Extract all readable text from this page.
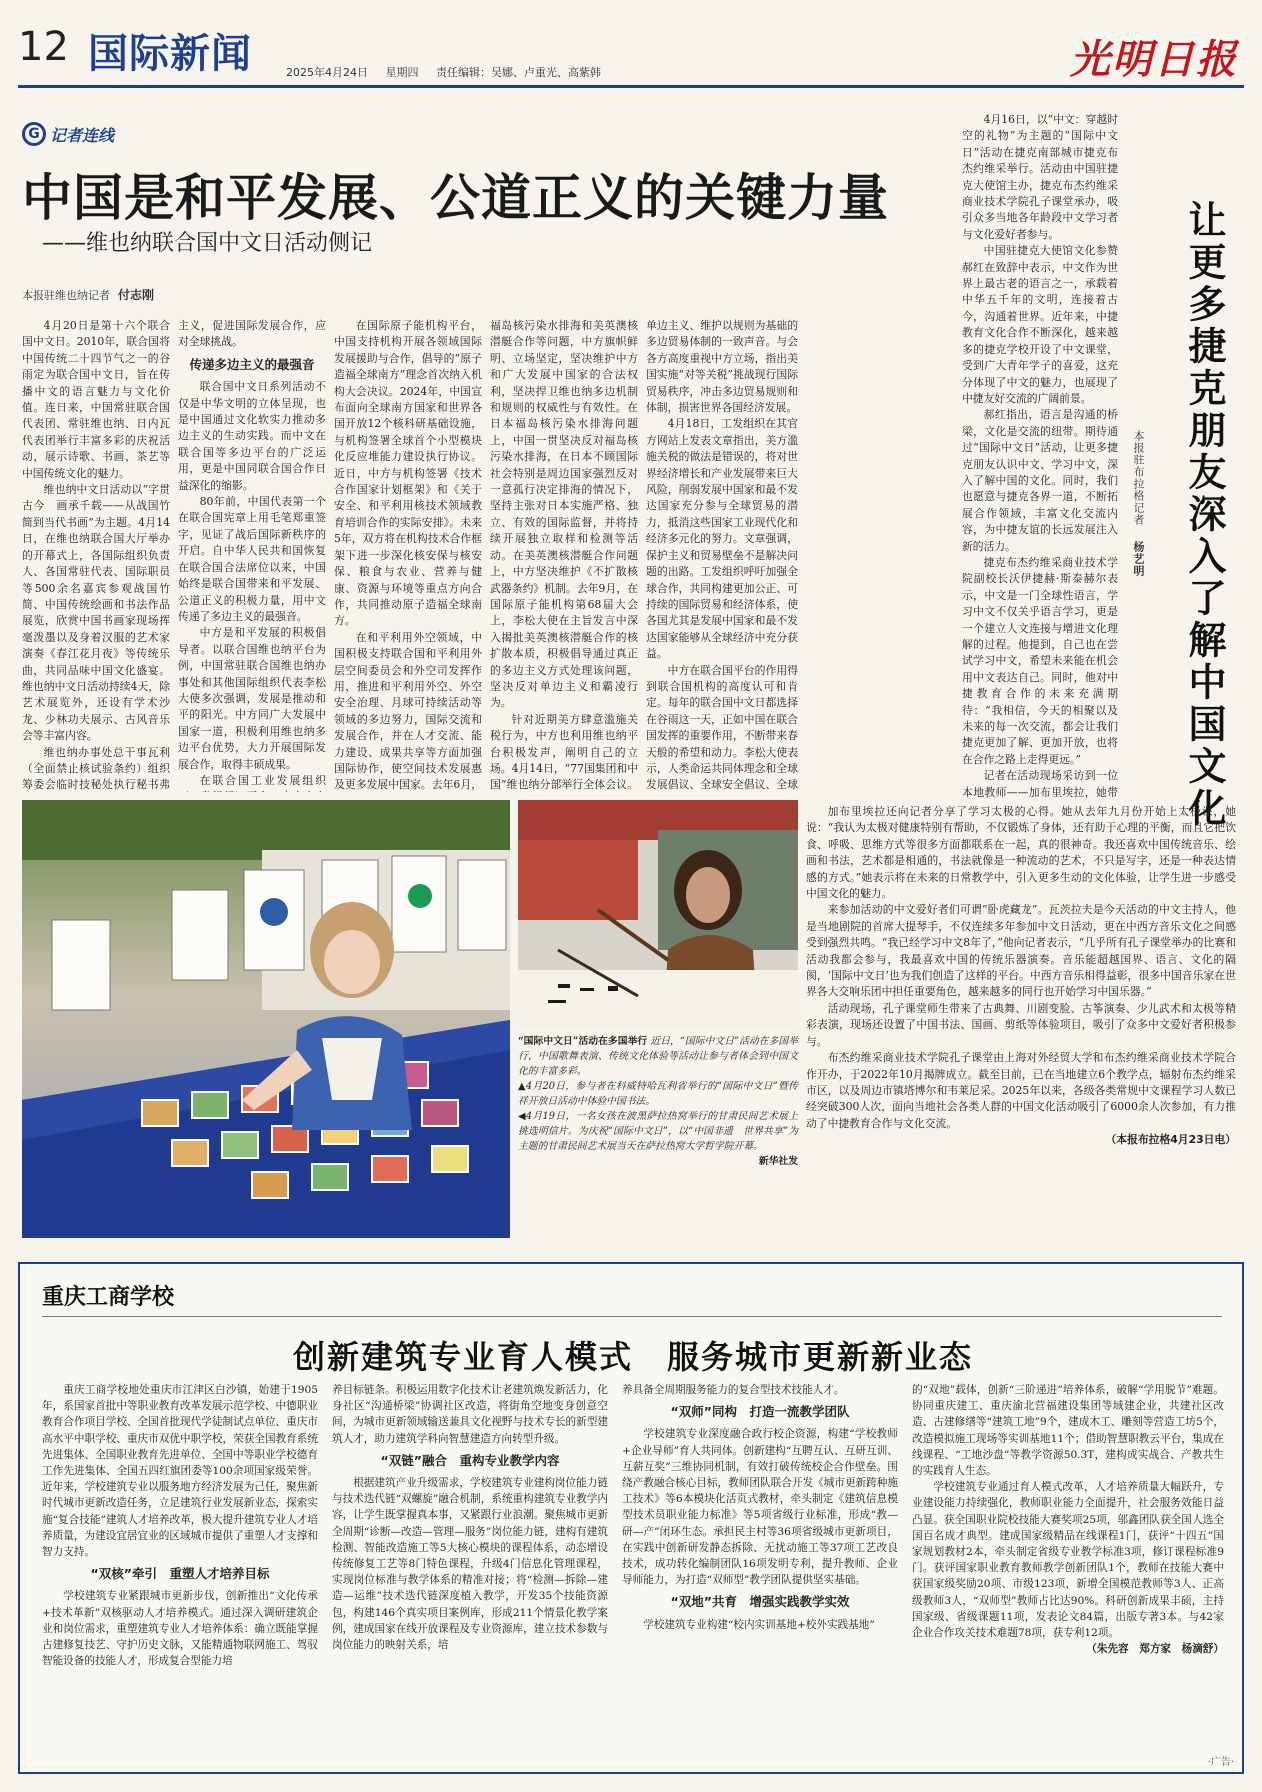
12 国际新闻	2025年4月24日 星期四 责任编辑：吴娜、卢重光、高紫韩	光明日报
G 记者连线
中国是和平发展、公道正义的关键力量
——维也纳联合国中文日活动侧记
本报驻维也纳记者 付志刚

4月20日是第十六个联合国中文日。2010年，联合国将中国传统二十四节气之一的谷雨定为联合国中文日，旨在传播中文的语言魅力与文化价值。连日来，中国常驻联合国代表团、常驻维也纳、日内瓦代表团举行丰富多彩的庆祝活动，展示诗歌、书画、茶艺等中国传统文化的魅力。

维也纳中文日活动以“字贯古今　画承千载——从战国竹简到当代书画”为主题。4月14日，在维也纳联合国大厅举办的开幕式上，各国际组织负责人、各国常驻代表、国际职员等500余名嘉宾参观战国竹简、中国传统绘画和书法作品展览，欣赏中国书画家现场挥毫泼墨以及身着汉服的艺术家演奏《春江花月夜》等传统乐曲，共同品味中国文化盛宴。维也纳中文日活动持续4天，除艺术展览外，还设有学术沙龙、少林功夫展示、古风音乐会等丰富内容。

维也纳办事处总干事瓦利（全面禁止核试验条约）组织筹委会临时技秘处执行秘书弗

主义，促进国际发展合作，应对全球挑战。

传递多边主义的最强音

联合国中文日系列活动不仅是中华文明的立体呈现，也是中国通过文化软实力推动多边主义的生动实践。而中文在联合国等多边平台的广泛运用，更是中国同联合国合作日益深化的缩影。

80年前，中国代表第一个在联合国宪章上用毛笔郑重签字，见证了战后国际新秩序的开启。自中华人民共和国恢复在联合国合法席位以来，中国始终是联合国带来和平发展、公道正义的积极力量，用中文传递了多边主义的最强音。

中方是和平发展的积极倡导者。以联合国维也纳平台为例，中国常驻联合国维也纳办事处和其他国际组织代表李松大使多次强调，发展是推动和平的阳光。中方同广大发展中国家一道，积极利用维也纳多边平台优势，大力开展国际发展合作，取得丰硕成果。

在联合国工业发展组织

在国际原子能机构平台，中国支持机构开展各领域国际发展援助与合作，倡导的“原子造福全球南方”理念首次纳入机构大会决议。2024年，中国宣布面向全球南方国家和世界各国开放12个核科研基础设施，与机构签署全球首个小型模块化反应堆能力建设执行协议。近日，中方与机构签署《技术合作国家计划框架》和《关于安全、和平利用核技术领域教育培训合作的实际安排》。未来5年，双方将在机构技术合作框架下进一步深化核安保与核安保、粮食与农业、营养与健康、资源与环境等重点方向合作，共同推动原子造福全球南方。

在和平利用外空领域，中国积极支持联合国和平利用外层空间委员会和外空司发挥作用，推进和平利用外空、外空安全治理、月球可持续活动等领域的多边努力，国际交流和发展合作，并在人才交流、能力建设、成果共享等方面加强国际协作，使空间技术发展惠及更多发展中国家。去年6月，

福岛核污染水排海和美英澳核潜艇合作等问题，中方旗帜鲜明、立场坚定，坚决维护中方和广大发展中国家的合法权利，坚决捍卫维也纳多边机制和规则的权威性与有效性。在日本福岛核污染水排海问题上，中国一贯坚决反对福岛核污染水排海，在日本不顾国际社会特别是周边国家强烈反对一意孤行决定排海的情况下，坚持主张对日本实施严格、独立、有效的国际监督，并将持续开展独立取样和检测等活动。在美英澳核潜艇合作问题上，中方坚决维护《不扩散核武器条约》机制。去年9月，在国际原子能机构第68届大会上，李松大使在主旨发言中深入揭批美英澳核潜艇合作的核扩散本质，积极倡导通过真正的多边主义方式处理该问题，坚决反对单边主义和霸凌行为。

针对近期美方肆意滥施关税行为，中方也利用维也纳平台积极发声，阐明自己的立场。4月14日，“77国集团和中国”维也纳分部举行全体会议。

单边主义、维护以规则为基础的多边贸易体制的一致声音。与会各方高度重视中方立场，指出美国实施“对等关税”挑战现行国际贸易秩序，冲击多边贸易规则和体制，损害世界各国经济发展。

4月18日，工发组织在其官方网站上发表文章指出，美方滥施关税的做法是错误的，将对世界经济增长和产业发展带来巨大风险，削弱发展中国家和最不发达国家充分参与全球贸易的潜力，抵消这些国家工业现代化和经济多元化的努力。文章强调，保护主义和贸易壁垒不是解决问题的出路。工发组织呼吁加强全球合作，共同构建更加公正、可持续的国际贸易和经济体系，使各国尤其是发展中国家和最不发达国家能够从全球经济中充分获益。

中方在联合国平台的作用得到联合国机构的高度认可和肯定。每年的联合国中文日都选择在谷雨这一天，正如中国在联合国发挥的重要作用，不断带来春天般的希望和动力。李松大使表示，人类命运共同体理念和全球发展倡议、全球安全倡议、全球	让更多捷克朋友深入了解中国文化
本报驻布拉格记者 杨艺明

4月16日，以“中文：穿越时空的礼物”为主题的“国际中文日”活动在捷克南部城市捷克布杰约维采举行。活动由中国驻捷克大使馆主办，捷克布杰约维采商业技术学院孔子课堂承办，吸引众多当地各年龄段中文学习者与文化爱好者参与。

中国驻捷克大使馆文化参赞郝红在致辞中表示，中文作为世界上最古老的语言之一，承载着中华五千年的文明，连接着古今，沟通着世界。近年来，中捷教育文化合作不断深化，越来越多的捷克学校开设了中文课堂，受到广大青年学子的喜爱，这充分体现了中文的魅力，也展现了中捷友好交流的广阔前景。

郝红指出，语言是沟通的桥梁，文化是交流的纽带。期待通过“国际中文日”活动，让更多捷克朋友认识中文、学习中文，深入了解中国的文化。同时，我们也愿意与捷克各界一道，不断拓展合作领域，丰富文化交流内容，为中捷友谊的长远发展注入新的活力。

捷克布杰约维采商业技术学院副校长沃伊捷赫·斯泰赫尔表示，中文是一门全球性语言，学习中文不仅关乎语言学习，更是一个建立人文连接与增进文化理解的过程。他提到，自己也在尝试学习中文，希望未来能在机会用中文表达自己。同时，他对中捷教育合作的未来充满期待：“我相信，今天的相聚以及未来的每一次交流，都会让我们捷克更加了解、更加开放，也将在合作之路上走得更远。”

记者在活动现场采访到一位本地教师——加布里埃拉，她带

加布里埃拉还向记者分享了学习太极的心得。她从去年九月份开始上太极课，她说：“我认为太极对健康特别有帮助，不仅锻炼了身体，还有助于心理的平衡，而且它把饮食、呼吸、思维方式等很多方面都联系在一起，真的很神奇。我还喜欢中国传统音乐、绘画和书法，艺术都是相通的，书法就像是一种流动的艺术，不只是写字，还是一种表达情感的方式。”她表示将在未来的日常教学中，引入更多生动的文化体验，让学生进一步感受中国文化的魅力。

来参加活动的中文爱好者们可谓“卧虎藏龙”。瓦茨拉夫是今天活动的中文主持人，他是当地剧院的首席大提琴手，不仅连续多年参加中文日活动，更在中西方音乐文化之间感受到强烈共鸣。“我已经学习中文8年了，”他向记者表示，“几乎所有孔子课堂举办的比赛和活动我都会参与，我最喜欢中国的传统乐器演奏。音乐能超越国界、语言、文化的隔阂，‘国际中文日’也为我们创造了这样的平台。中西方音乐相得益彰，很多中国音乐家在世界各大交响乐团中担任重要角色，越来越多的同行也开始学习中国乐器。”

活动现场，孔子课堂师生带来了古典舞、川剧变脸、古筝演奏、少儿武术和太极等精彩表演，现场还设置了中国书法、国画、剪纸等体验项目，吸引了众多中文爱好者积极参与。

布杰约维采商业技术学院孔子课堂由上海对外经贸大学和布杰约维采商业技术学院合作开办，于2022年10月揭牌成立。截至目前，已在当地建立6个教学点，辐射布杰约维采市区，以及周边市镇塔博尔和韦莱尼采。2025年以来，各级各类常规中文课程学习人数已经突破300人次，面向当地社会各类人群的中国文化活动吸引了6000余人次参加，有力推动了中捷教育合作与文化交流。

（本报布拉格4月23日电）

“国际中文日”活动在多国举行 近日，“国际中文日”活动在多国举行，中国歌舞表演、传统文化体验等活动让参与者体会到中国文化的丰富多彩。
▲4月20日，参与者在科威特哈瓦利省举行的“国际中文日”暨传祥开放日活动中体验中国书法。
◀4月19日，一名女孩在波黑萨拉热窝举行的甘肃民间艺术展上挑选明信片。为庆祝“国际中文日”，以“中国非遗　世界共享”为主题的甘肃民间艺术展当天在萨拉热窝大学哲学院开幕。
新华社发
重庆工商学校
创新建筑专业育人模式　服务城市更新新业态

重庆工商学校地处重庆市江津区白沙镇，始建于1905年，系国家首批中等职业教育改革发展示范学校、中德职业教育合作项目学校、全国首批现代学徒制试点单位、重庆市高水平中职学校、重庆市双优中职学校，荣获全国教育系统先进集体、全国职业教育先进单位、全国中等职业学校德育工作先进集体、全国五四红旗团委等100余项国家级荣誉。近年来，学校建筑专业以服务地方经济发展为己任，聚焦新时代城市更新改造任务，立足建筑行业发展新业态，探索实施“复合技能”建筑人才培养改革，极大提升建筑专业人才培养质量，为建设宜居宜业的区域城市提供了重塑人才支撑和智力支持。

“双核”牵引　重塑人才培养目标

学校建筑专业紧跟城市更新步伐，创新推出“文化传承+技术革新”双核驱动人才培养模式。通过深入调研建筑企业和岗位需求，重塑建筑专业人才培养体系：确立既能掌握古建修复技艺、守护历史文脉，又能精通物联网施工、驾驭智能设备的技能人才，形成复合型能力培

养目标链条。积极运用数字化技术让老建筑焕发新活力，化身社区“沟通桥梁”协调社区改造，将街角空地变身创意空间，为城市更新领域输送兼具文化视野与技术专长的新型建筑人才，助力建筑学科向智慧建造方向转型升级。

“双链”融合　重构专业教学内容

根据建筑产业升级需求，学校建筑专业建构岗位能力链与技术迭代链“双螺旋”融合机制，系统重构建筑专业教学内容，让学生既掌握真本事，又紧跟行业浪潮。聚焦城市更新全周期“诊断—改造—管理—服务”岗位能力链，建构有建筑检测、智能改造施工等5大核心模块的课程体系，动态增设传统修复工艺等8门特色课程，升级4门信息化管理课程，实现岗位标准与教学体系的精准对接；将“检测—拆除—建造—运维”技术迭代链深度植入教学，开发35个技能资源包，构建146个真实项目案例库，形成211个情景化教学案例，建成国家在线开放课程及专业资源库，建立技术参数与岗位能力的映射关系，培

养具备全周期服务能力的复合型技术技能人才。

“双师”同构　打造一流教学团队

学校建筑专业深度融合政行校企资源，构建“学校教师+企业导师”育人共同体。创新建构“互聘互认、互研互训、互薪互奖”三维协同机制，有效打破传统校企合作壁垒。围绕产教融合核心目标，教师团队联合开发《城市更新跨种施工技术》等6本模块化活页式教材，牵头制定《建筑信息模型技术员职业能力标准》等5项省级行业标准，形成“教—研—产”闭环生态。承担民主村等36项省级城市更新项目，在实践中创新研发静态拆除、无扰动施工等37项工艺改良技术，成功转化编制团队16项发明专利，提升教师、企业导师能力，为打造“双师型”教学团队提供坚实基础。

“双地”共育　增强实践教学实效

学校建筑专业构建“校内实训基地+校外实践基地”

的“双地”载体，创新“三阶递进”培养体系，破解“学用脱节”难题。协同重庆建工、重庆渝北营福建设集团等域建企业，共建社区改造、古建修缮等“建筑工地”9个，建成木工、雕刻等营造工坊5个，改造模拟施工现场等实训基地11个；借助智慧职教云平台，集成在线课程、“工地沙盘”等教学资源50.3T，建构成实战合、产教共生的实践育人生态。

学校建筑专业通过育人模式改革，人才培养质量大幅跃升，专业建设能力持续强化，教师职业能力全面提升，社会服务效能日益凸显。获全国职业院校技能大赛奖项25项，邬鑫团队获全国人选全国百名成才典型。建成国家级精品在线课程1门，获评“十四五”国家规划教材2本，牵头制定省级专业教学标准3项，修订课程标准9门。获评国家职业教育教师教学创新团队1个，教师在技能大赛中获国家级奖励20项、市级123项，新增全国模范教师等3人、正高级教师3人，“双师型”教师占比达90%。科研创新成果丰硕，主持国家级、省级课题11项，发表论文84篇，出版专著3本。与42家企业合作攻关技术难题78项，获专利12项。

（朱先容　郑方家　杨滴舒）

·广告·
